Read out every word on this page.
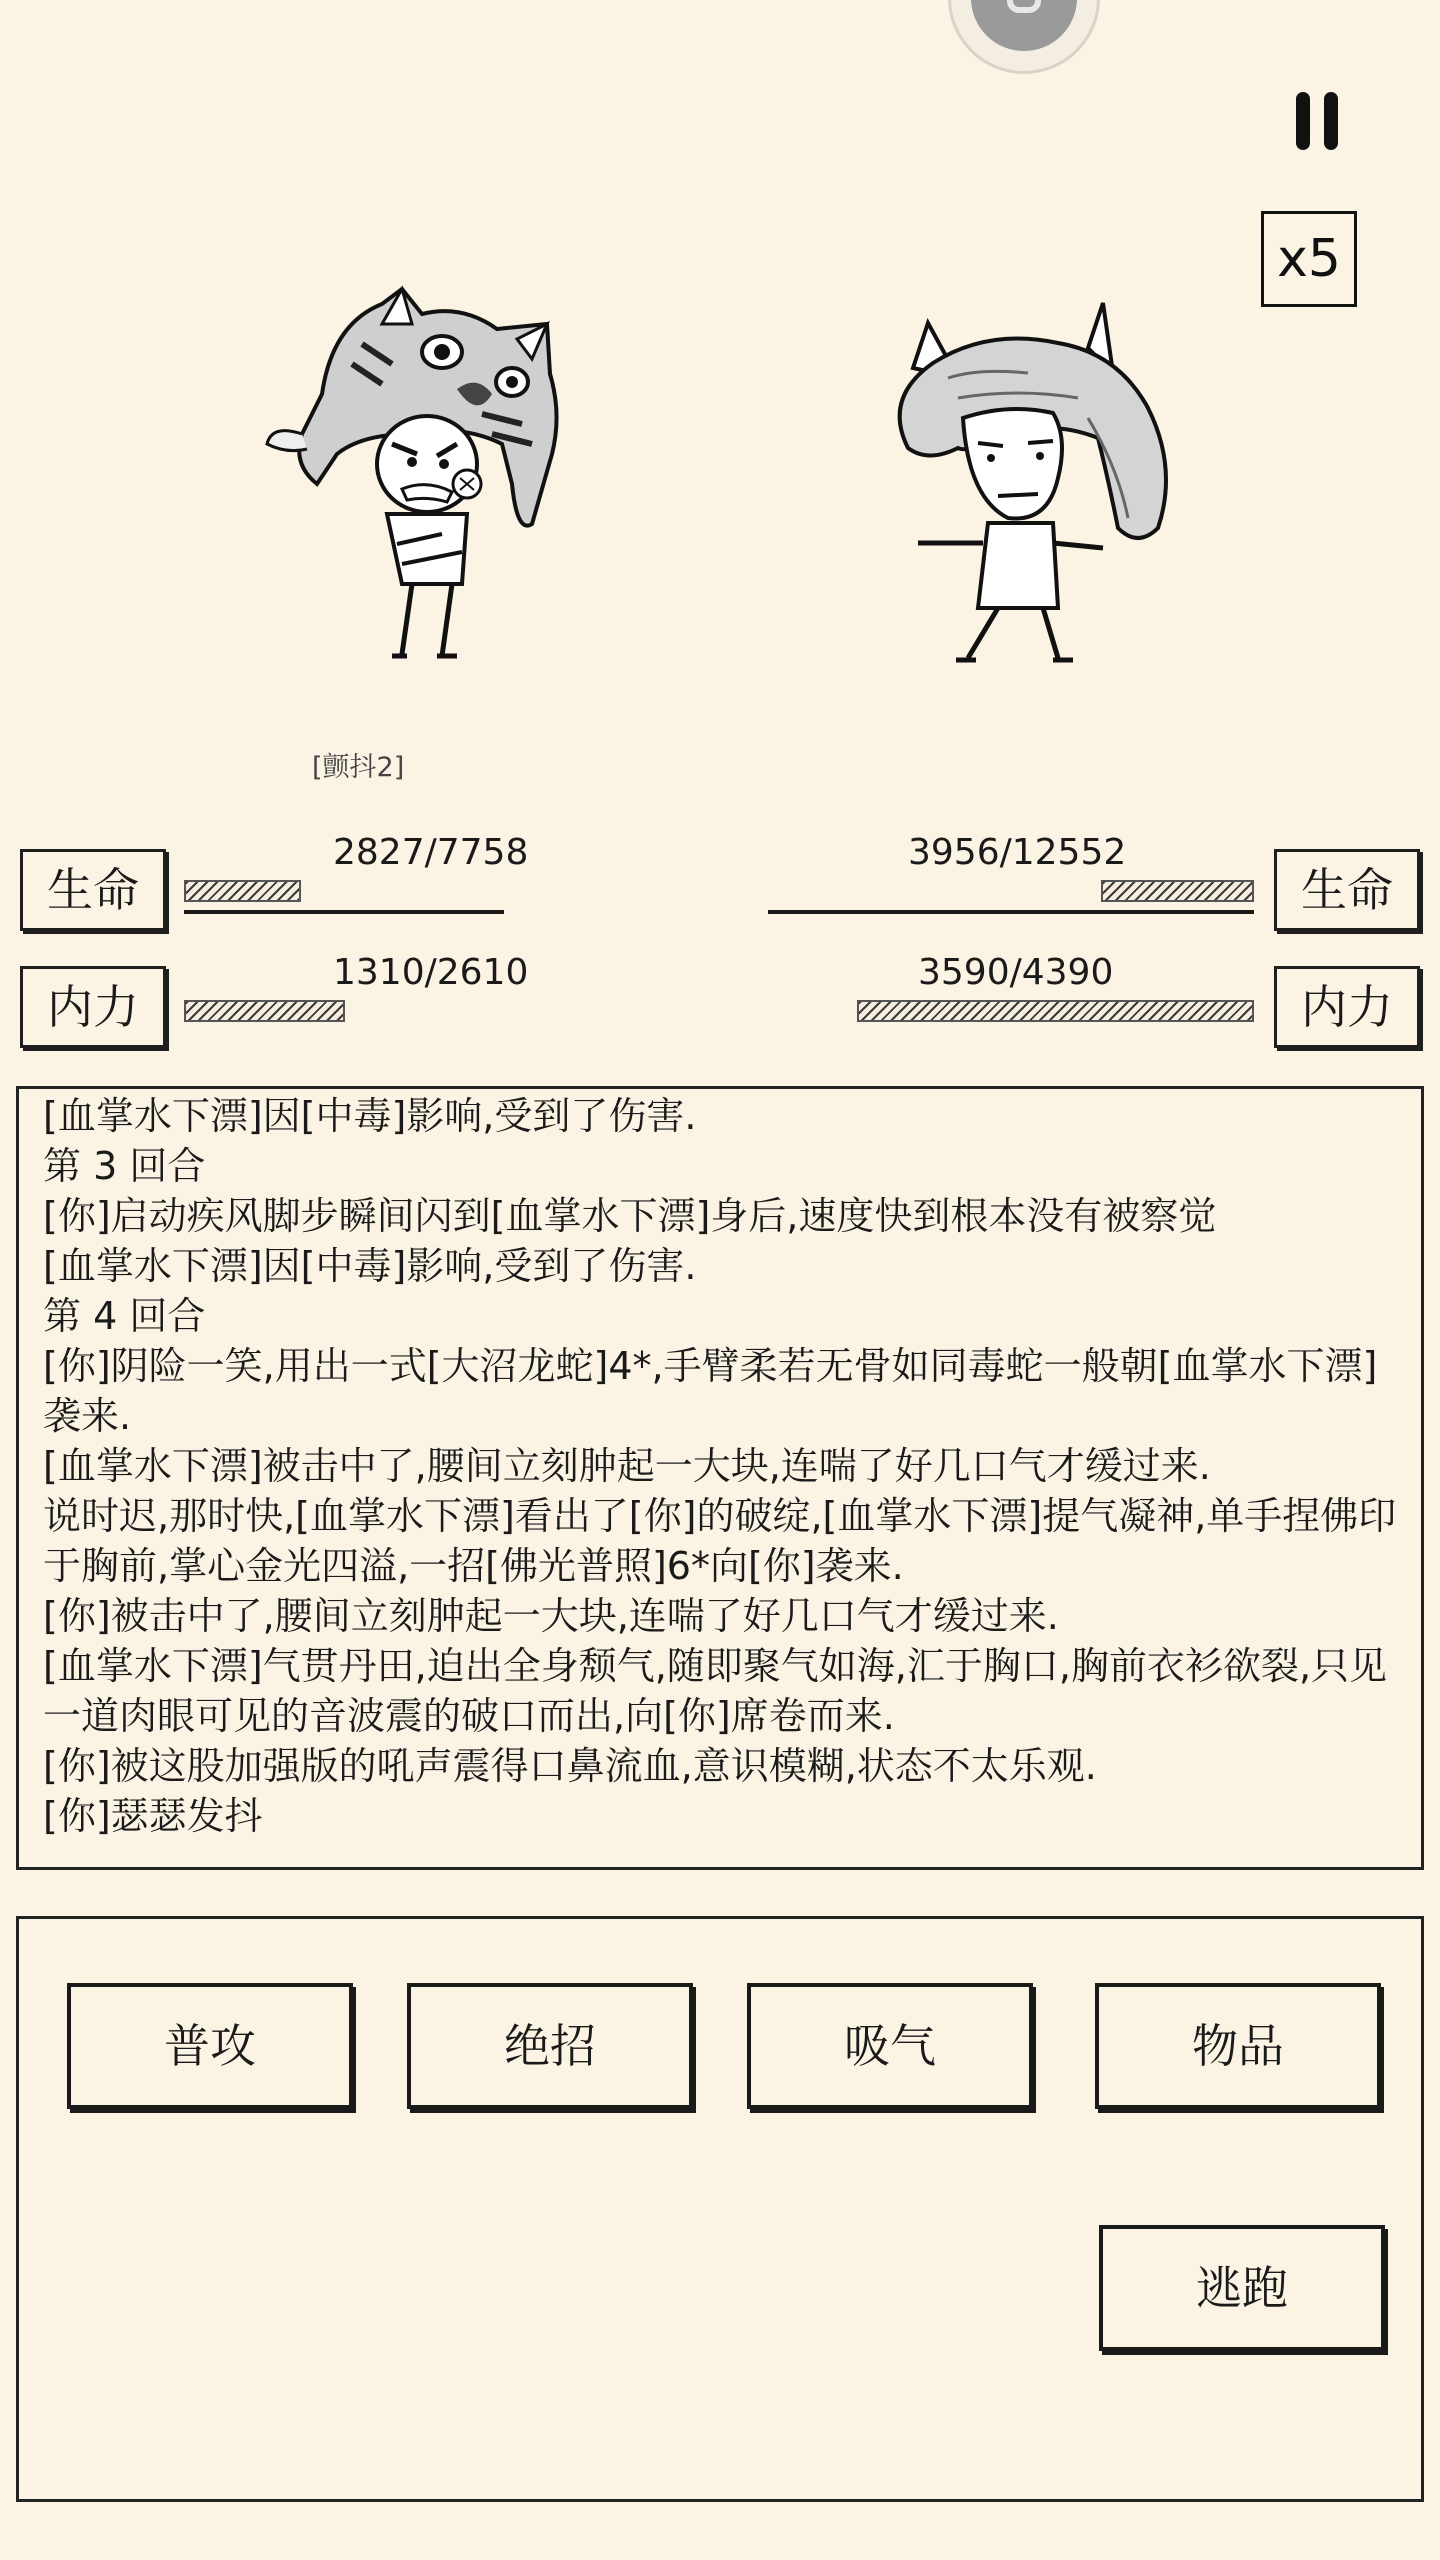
x5
[颤抖2]
生命
2827/7758
内力
1310/2610
生命
3956/12552
内力
3590/4390
[血掌水下漂]因[中毒]影响,受到了伤害.
第 3 回合
[你]启动疾风脚步瞬间闪到[血掌水下漂]身后,速度快到根本没有被察觉
[血掌水下漂]因[中毒]影响,受到了伤害.
第 4 回合
[你]阴险一笑,用出一式[大沼龙蛇]4*,手臂柔若无骨如同毒蛇一般朝[血掌水下漂]袭来.
[血掌水下漂]被击中了,腰间立刻肿起一大块,连喘了好几口气才缓过来.
说时迟,那时快,[血掌水下漂]看出了[你]的破绽,[血掌水下漂]提气凝神,单手捏佛印于胸前,掌心金光四溢,一招[佛光普照]6*向[你]袭来.
[你]被击中了,腰间立刻肿起一大块,连喘了好几口气才缓过来.
[血掌水下漂]气贯丹田,迫出全身颓气,随即聚气如海,汇于胸口,胸前衣衫欲裂,只见一道肉眼可见的音波震的破口而出,向[你]席卷而来.
[你]被这股加强版的吼声震得口鼻流血,意识模糊,状态不太乐观.
[你]瑟瑟发抖
普攻	绝招	吸气	物品
逃跑
